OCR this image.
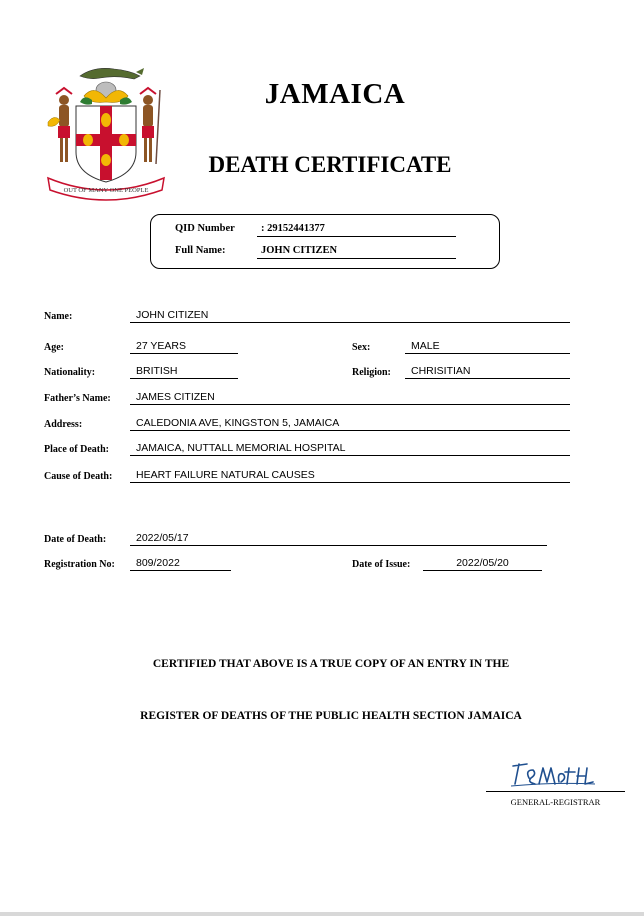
OUT OF MANY ONE PEOPLE
JAMAICA
DEATH CERTIFICATE
QID Number	: 29152441377
Full Name:	JOHN CITIZEN
Name:	JOHN CITIZEN
Age:	27 YEARS	Sex:	MALE
Nationality:	BRITISH	Religion:	CHRISITIAN
Father’s Name:	JAMES CITIZEN
Address:	CALEDONIA AVE, KINGSTON 5, JAMAICA
Place of Death:	JAMAICA, NUTTALL MEMORIAL HOSPITAL
Cause of Death:	HEART FAILURE NATURAL CAUSES
Date of Death:	2022/05/17
Registration No:	809/2022	Date of Issue:	2022/05/20
CERTIFIED THAT ABOVE IS A TRUE COPY OF AN ENTRY IN THE
REGISTER OF DEATHS OF THE PUBLIC HEALTH SECTION JAMAICA
GENERAL-REGISTRAR
